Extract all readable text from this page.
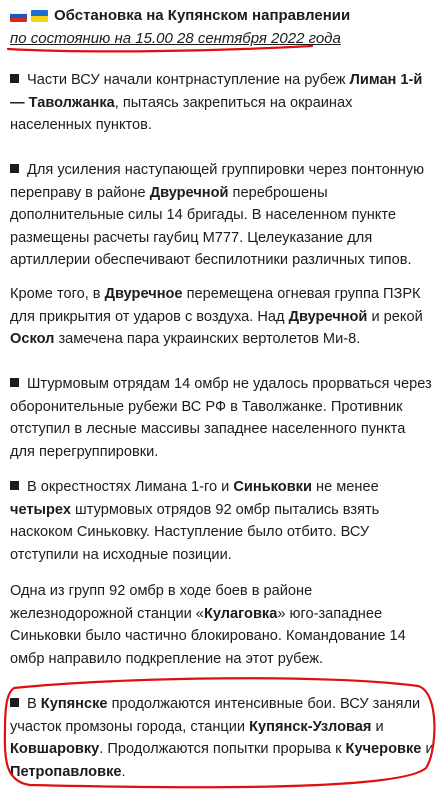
Обстановка на Купянском направлении
по состоянию на 15.00 28 сентября 2022 года
Части ВСУ начали контрнаступление на рубеж Лиман 1-й — Таволжанка, пытаясь закрепиться на окраинах населенных пунктов.
Для усиления наступающей группировки через понтонную переправу в районе Двуречной переброшены дополнительные силы 14 бригады. В населенном пункте размещены расчеты гаубиц М777. Целеуказание для артиллерии обеспечивают беспилотники различных типов.
Кроме того, в Двуречное перемещена огневая группа ПЗРК для прикрытия от ударов с воздуха. Над Двуречной и рекой Оскол замечена пара украинских вертолетов Ми-8.
Штурмовым отрядам 14 омбр не удалось прорваться через оборонительные рубежи ВС РФ в Таволжанке. Противник отступил в лесные массивы западнее населенного пункта для перегруппировки.
В окрестностях Лимана 1-го и Синьковки не менее четырех штурмовых отрядов 92 омбр пытались взять наскоком Синьковку. Наступление было отбито. ВСУ отступили на исходные позиции.
Одна из групп 92 омбр в ходе боев в районе железнодорожной станции «Кулаговка» юго-западнее Синьковки было частично блокировано. Командование 14 омбр направило подкрепление на этот рубеж.
В Купянске продолжаются интенсивные бои. ВСУ заняли участок промзоны города, станции Купянск-Узловая и Ковшаровку. Продолжаются попытки прорыва к Кучеровке и Петропавловке.
